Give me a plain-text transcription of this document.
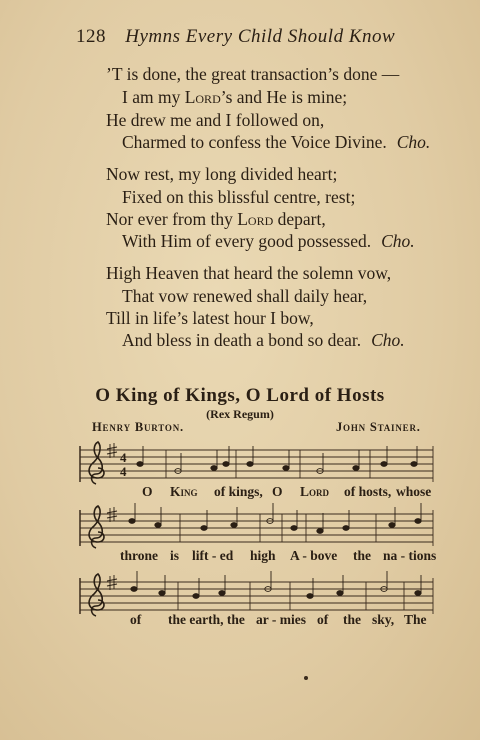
128 Hymns Every Child Should Know
’T is done, the great transaction’s done —
I am my Lord’s and He is mine;
He drew me and I followed on,
Charmed to confess the Voice Divine. Cho.
Now rest, my long divided heart;
Fixed on this blissful centre, rest;
Nor ever from thy Lord depart,
With Him of every good possessed. Cho.
High Heaven that heard the solemn vow,
That vow renewed shall daily hear,
Till in life’s latest hour I bow,
And bless in death a bond so dear. Cho.
O King of Kings, O Lord of Hosts
(Rex Regum)
Henry Burton.	John Stainer.
4
4
O King of kings, O Lord of hosts, whose
throne is lift - ed high A - bove the na - tions
of the earth, the ar - mies of the sky, The
